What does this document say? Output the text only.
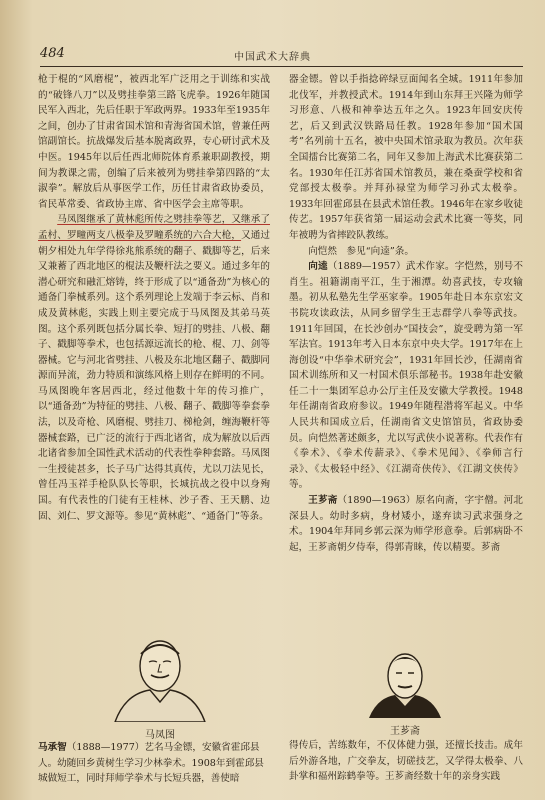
484	中国武术大辞典

枪于棍的“风磨棍”，被西北军广泛用之于训练和实战的“破锋八刀”以及劈挂拳第三路飞虎拳。1926年随国民军入西北，先后任职于军政两界。1933年至1935年之间，创办了甘肃省国术馆和青海省国术馆，曾兼任两馆副馆长。抗战爆发后基本脱离政界，专心研讨武术及中医。1945年以后任西北师院体育系兼职副教授，期间为教课之需，创编了后来被列为劈挂拳第四路的“太淑拳”。解放后从事医学工作，历任甘肃省政协委员，省民革常委、省政协主席、省中医学会主席等职。

马凤图继承了黄林彪所传之劈挂拳等艺，又继承了孟村、罗疃两支八极拳及罗疃系统的六合大枪，又通过朝夕相处九年学得徐兆熊系统的翻子、戳脚等艺，后来又兼蓄了西北地区的棍法及鞭杆法之要义。通过多年的潜心研究和融汇熔铸，终于形成了以“通备劲”为核心的通备门拳械系列。这个系列理论上发端于李云标、肖和成及黄林彪，实践上则主要完成于马凤图及其弟马英图。这个系列既包括分属长拳、短打的劈挂、八极、翻子、戳脚等拳术，也包括源远流长的枪、棍、刀、剑等器械。它与河北省劈挂、八极及东北地区翻子、戳脚同源而异流，劲力特质和演练风格上则存在鲜明的不同。马凤图晚年客居西北，经过他数十年的传习推广，以“通备劲”为特征的劈挂、八极、翻子、戳脚等拳套拳法，以及奇枪、风磨棍、劈挂刀、梯枪剑，缠海鞭杆等器械套路，已广泛的流行于西北诸省，成为解放以后西北诸省参加全国性武术活动的代表性拳种套路。马凤图一生授徒甚多，长子马广达得其真传，尤以刀法见长，曾任冯玉祥手枪队队长等职，长城抗战之役中以身殉国。有代表性的门徒有王桂林、沙子香、王天鹏、边固、刘仁、罗文源等。参见“黄林彪”、“通备门”等条。

器金镖。曾以手指捻碎绿豆面闻名全城。1911年参加北伐军，并教授武术。1914年到山东拜王兴隆为师学习形意、八极和神拳达五年之久。1923年回安庆传艺，后又到武汉铁路局任教。1928年参加“国术国考”名列前十五名，被中央国术馆录取为教员。次年获全国擂台比赛第二名，同年又参加上海武术比赛获第二名。1930年任江苏省国术馆教员，兼在桑蚕学校和省党部授太极拳。并拜孙禄堂为师学习孙式太极拳。1933年回霍邱县在县武术馆任教。1946年在家乡收徒传艺。1957年获省第一届运动会武术比赛一等奖，同年被聘为省摔跤队教练。

向恺然　参见“向逵”条。

向逵（1889—1957）武术作家。字恺然，别号不肖生。祖籍湖南平江，生于湘潭。幼喜武技，专攻输墨。初从私塾先生学巫家拳。1905年赴日本东京宏文书院攻读政法，从同乡留学生王志群学八拳等武技。1911年回国，在长沙创办“国技会”，旋受聘为第一军军法官。1913年考入日本东京中央大学。1917年在上海创设“中华拳术研究会”，1931年回长沙，任湖南省国术训练所和又一村国术俱乐部秘书。1938年赴安徽任二十一集团军总办公厅主任及安徽大学教授。1948年任湖南省政府参议。1949年随程潜将军起义。中华人民共和国成立后，任湖南省文史馆馆员，省政协委员。向恺然著述颇多，尤以写武侠小说著称。代表作有《拳术》、《拳术传薪录》、《拳术见闻》、《拳师言行录》、《太极轻中经》、《江湖奇侠传》、《江湖文侠传》等。

王芗斋（1890—1963）原名向斋，字宇僧。河北深县人。幼时多病，身材矮小，遂弃读习武求强身之术。1904年拜同乡郭云深为师学形意拳。后郭病卧不起，王芗斋朝夕侍奉，得郭青睐，传以精要。芗斋

马凤图	王芗斋

马承智（1888—1977）艺名马金镖，安徽省霍邱县人。幼随回乡黄树生学习少林拳术。1908年到霍邱县城做短工，同时拜师学拳术与长短兵器，善使暗

得传后，苦练数年，不仅体健力强，还擅长技击。成年后外游各地，广交拳友，切磋技艺，又学得太极拳、八卦掌和福州踪鹤拳等。王芗斋经数十年的亲身实践
